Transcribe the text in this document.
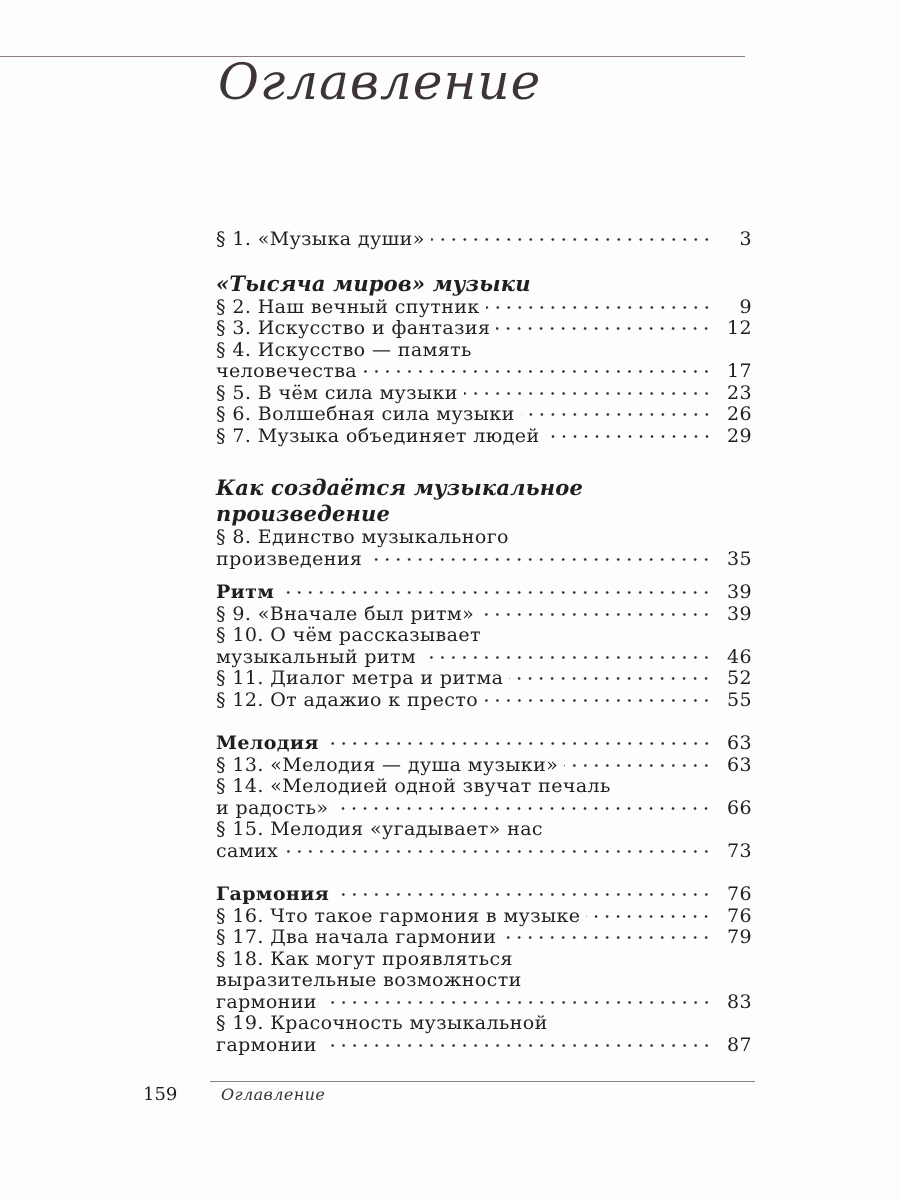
Оглавление
§ 1. «Музыка души»	3
«Тысяча миров» музыки
§ 2. Наш вечный спутник	9
§ 3. Искусство и фантазия	12
§ 4. Искусство — память
человечества	17
§ 5. В чём сила музыки	23
§ 6. Волшебная сила музыки	26
§ 7. Музыка объединяет людей	29
Как создаётся музыкальное
произведение
§ 8. Единство музыкального
произведения	35
Ритм	39
§ 9. «Вначале был ритм»	39
§ 10. О чём рассказывает
музыкальный ритм	46
§ 11. Диалог метра и ритма	52
§ 12. От адажио к престо	55
Мелодия	63
§ 13. «Мелодия — душа музыки»	63
§ 14. «Мелодией одной звучат печаль
и радость»	66
§ 15. Мелодия «угадывает» нас
самих	73
Гармония	76
§ 16. Что такое гармония в музыке	76
§ 17. Два начала гармонии	79
§ 18. Как могут проявляться
выразительные возможности
гармонии	83
§ 19. Красочность музыкальной
гармонии	87
159	Оглавление
